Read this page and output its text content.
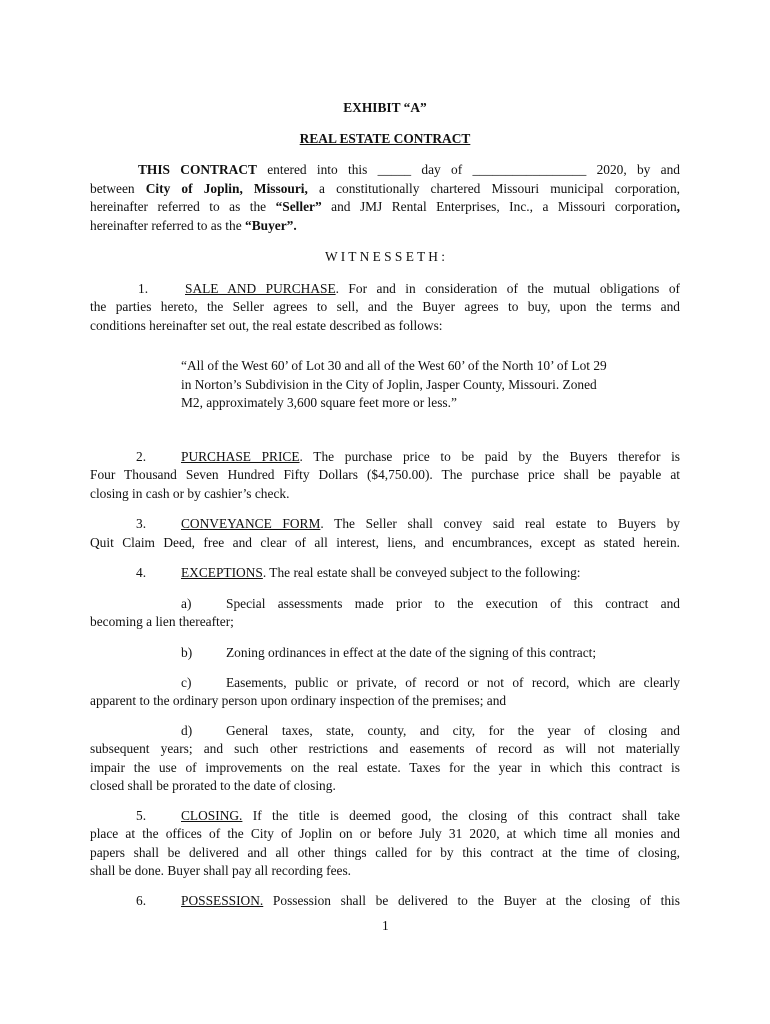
EXHIBIT “A”
REAL ESTATE CONTRACT
THIS CONTRACT entered into this _____ day of _________________ 2020, by and
between City of Joplin, Missouri, a constitutionally chartered Missouri municipal corporation,
hereinafter referred to as the “Seller” and JMJ Rental Enterprises, Inc., a Missouri corporation,
hereinafter referred to as the “Buyer”.
W I T N E S S E T H :
1.	SALE AND PURCHASE. For and in consideration of the mutual obligations of
the parties hereto, the Seller agrees to sell, and the Buyer agrees to buy, upon the terms and
conditions hereinafter set out, the real estate described as follows:
“All of the West 60’ of Lot 30 and all of the West 60’ of the North 10’ of Lot 29
in Norton’s Subdivision in the City of Joplin, Jasper County, Missouri. Zoned
M2, approximately 3,600 square feet more or less.”
2.	PURCHASE PRICE. The purchase price to be paid by the Buyers therefor is
Four Thousand Seven Hundred Fifty Dollars ($4,750.00). The purchase price shall be payable at
closing in cash or by cashier’s check.
3.	CONVEYANCE FORM. The Seller shall convey said real estate to Buyers by
Quit Claim Deed, free and clear of all interest, liens, and encumbrances, except as stated herein.
4.	EXCEPTIONS. The real estate shall be conveyed subject to the following:
a)	Special assessments made prior to the execution of this contract and
becoming a lien thereafter;
b)	Zoning ordinances in effect at the date of the signing of this contract;
c)	Easements, public or private, of record or not of record, which are clearly
apparent to the ordinary person upon ordinary inspection of the premises; and
d)	General taxes, state, county, and city, for the year of closing and
subsequent years; and such other restrictions and easements of record as will not materially
impair the use of improvements on the real estate. Taxes for the year in which this contract is
closed shall be prorated to the date of closing.
5.	CLOSING. If the title is deemed good, the closing of this contract shall take
place at the offices of the City of Joplin on or before July 31 2020, at which time all monies and
papers shall be delivered and all other things called for by this contract at the time of closing,
shall be done. Buyer shall pay all recording fees.
6.	POSSESSION. Possession shall be delivered to the Buyer at the closing of this
1
